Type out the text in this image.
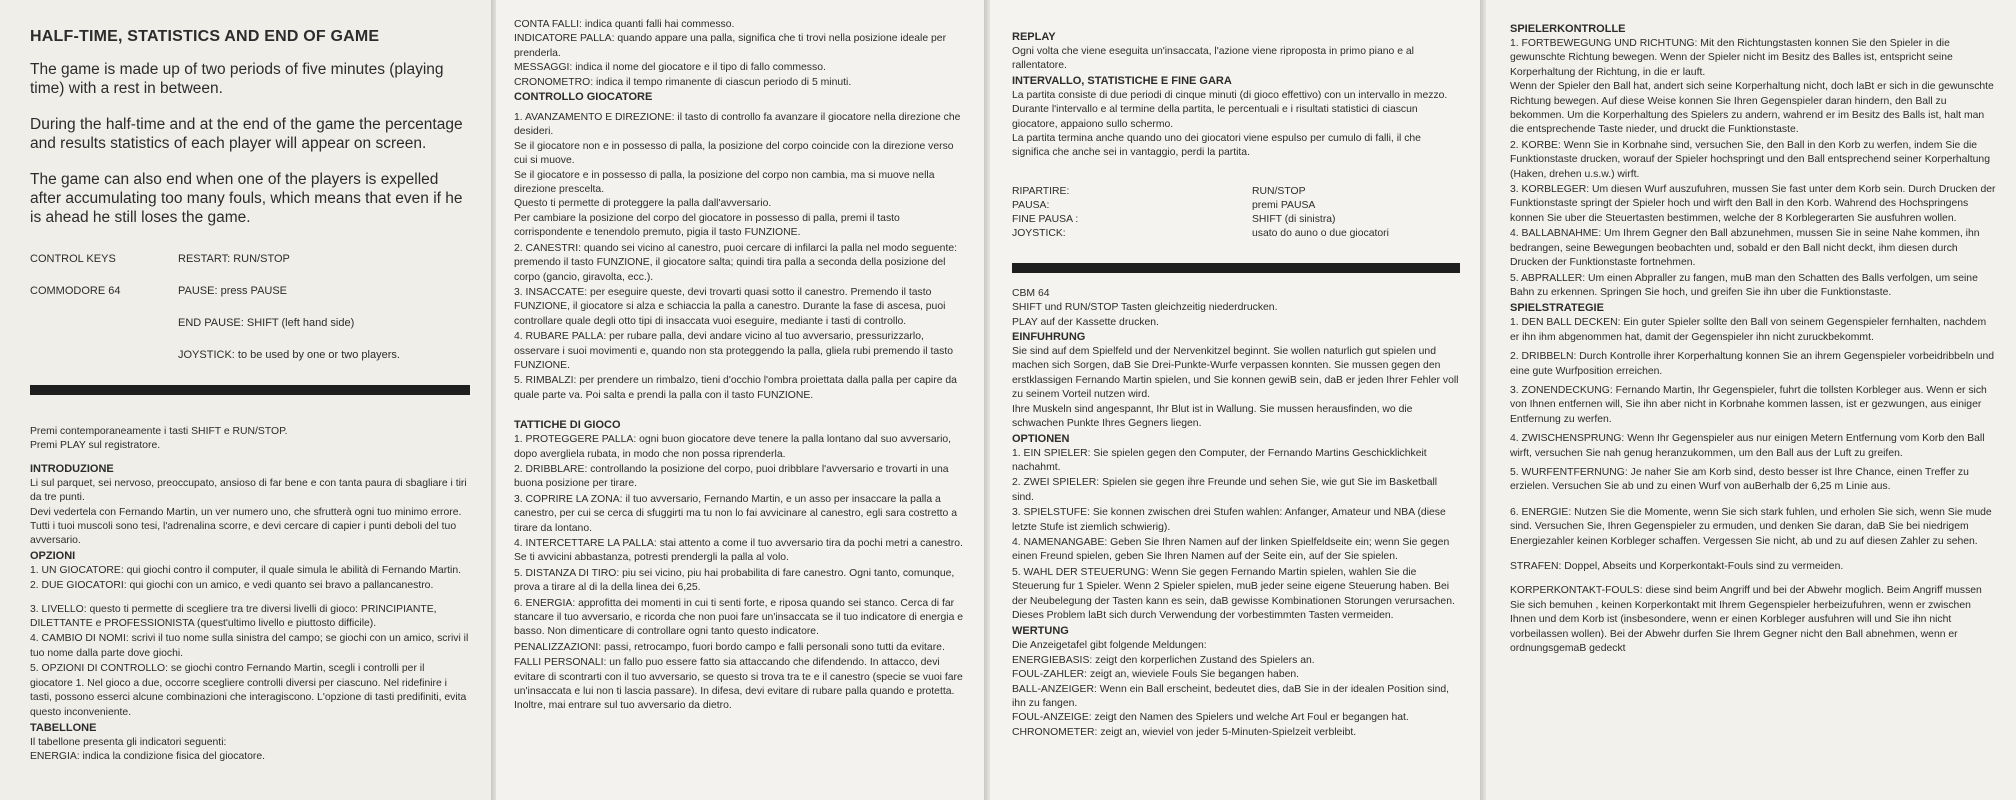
HALF-TIME, STATISTICS AND END OF GAME

The game is made up of two periods of five minutes (playing time) with a rest in between.

During the half-time and at the end of the game the percentage and results statistics of each player will appear on screen.

The game can also end when one of the players is expelled after accumulating too many fouls, which means that even if he is ahead he still loses the game.

CONTROL KEYS	RESTART: RUN/STOP
COMMODORE 64	PAUSE: press PAUSE
END PAUSE: SHIFT (left hand side)
JOYSTICK: to be used by one or two players.

Premi contemporaneamente i tasti SHIFT e RUN/STOP.

Premi PLAY sul registratore.

INTRODUZIONE

Li sul parquet, sei nervoso, preoccupato, ansioso di far bene e con tanta paura di sbagliare i tiri da tre punti.

Devi vedertela con Fernando Martin, un ver numero uno, che sfrutterà ogni tuo minimo errore.

Tutti i tuoi muscoli sono tesi, l'adrenalina scorre, e devi cercare di capier i punti deboli del tuo avversario.

OPZIONI

1. UN GIOCATORE: qui giochi contro il computer, il quale simula le abilità di Fernando Martin.

2. DUE GIOCATORI: qui giochi con un amico, e vedi quanto sei bravo a pallancanestro.

3. LIVELLO: questo ti permette di scegliere tra tre diversi livelli di gioco: PRINCIPIANTE, DILETTANTE e PROFESSIONISTA (quest'ultimo livello e piuttosto difficile).

4. CAMBIO DI NOMI: scrivi il tuo nome sulla sinistra del campo; se giochi con un amico, scrivi il tuo nome dalla parte dove giochi.

5. OPZIONI DI CONTROLLO: se giochi contro Fernando Martin, scegli i controlli per il giocatore 1. Nel gioco a due, occorre scegliere controlli diversi per ciascuno. Nel ridefinire i tasti, possono esserci alcune combinazioni che interagiscono. L'opzione di tasti predifiniti, evita questo inconveniente.

TABELLONE

Il tabellone presenta gli indicatori seguenti:

ENERGIA: indica la condizione fisica del giocatore.

CONTA FALLI: indica quanti falli hai commesso.

INDICATORE PALLA: quando appare una palla, significa che ti trovi nella posizione ideale per prenderla.

MESSAGGI: indica il nome del giocatore e il tipo di fallo commesso.

CRONOMETRO: indica il tempo rimanente di ciascun periodo di 5 minuti.

CONTROLLO GIOCATORE

1. AVANZAMENTO E DIREZIONE: il tasto di controllo fa avanzare il giocatore nella direzione che desideri.

Se il giocatore non e in possesso di palla, la posizione del corpo coincide con la direzione verso cui si muove.

Se il giocatore e in possesso di palla, la posizione del corpo non cambia, ma si muove nella direzione prescelta.

Questo ti permette di proteggere la palla dall'avversario.

Per cambiare la posizione del corpo del giocatore in possesso di palla, premi il tasto corrispondente e tenendolo premuto, pigia il tasto FUNZIONE.

2. CANESTRI: quando sei vicino al canestro, puoi cercare di infilarci la palla nel modo seguente: premendo il tasto FUNZIONE, il giocatore salta; quindi tira palla a seconda della posizione del corpo (gancio, giravolta, ecc.).

3. INSACCATE: per eseguire queste, devi trovarti quasi sotto il canestro. Premendo il tasto FUNZIONE, il giocatore si alza e schiaccia la palla a canestro. Durante la fase di ascesa, puoi controllare quale degli otto tipi di insaccata vuoi eseguire, mediante i tasti di controllo.

4. RUBARE PALLA: per rubare palla, devi andare vicino al tuo avversario, pressurizzarlo, osservare i suoi movimenti e, quando non sta proteggendo la palla, gliela rubi premendo il tasto FUNZIONE.

5. RIMBALZI: per prendere un rimbalzo, tieni d'occhio l'ombra proiettata dalla palla per capire da quale parte va. Poi salta e prendi la palla con il tasto FUNZIONE.

TATTICHE DI GIOCO

1. PROTEGGERE PALLA: ogni buon giocatore deve tenere la palla lontano dal suo avversario, dopo avergliela rubata, in modo che non possa riprenderla.

2. DRIBBLARE: controllando la posizione del corpo, puoi dribblare l'avversario e trovarti in una buona posizione per tirare.

3. COPRIRE LA ZONA: il tuo avversario, Fernando Martin, e un asso per insaccare la palla a canestro, per cui se cerca di sfuggirti ma tu non lo fai avvicinare al canestro, egli sara costretto a tirare da lontano.

4. INTERCETTARE LA PALLA: stai attento a come il tuo avversario tira da pochi metri a canestro. Se ti avvicini abbastanza, potresti prendergli la palla al volo.

5. DISTANZA DI TIRO: piu sei vicino, piu hai probabilita di fare canestro. Ogni tanto, comunque, prova a tirare al di la della linea dei 6,25.

6. ENERGIA: approfitta dei momenti in cui ti senti forte, e riposa quando sei stanco. Cerca di far stancare il tuo avversario, e ricorda che non puoi fare un'insaccata se il tuo indicatore di energia e basso. Non dimenticare di controllare ogni tanto questo indicatore.

PENALIZZAZIONI: passi, retrocampo, fuori bordo campo e falli personali sono tutti da evitare.

FALLI PERSONALI: un fallo puo essere fatto sia attaccando che difendendo. In attacco, devi evitare di scontrarti con il tuo avversario, se questo si trova tra te e il canestro (specie se vuoi fare un'insaccata e lui non ti lascia passare). In difesa, devi evitare di rubare palla quando e protetta. Inoltre, mai entrare sul tuo avversario da dietro.

REPLAY

Ogni volta che viene eseguita un'insaccata, l'azione viene riproposta in primo piano e al rallentatore.

INTERVALLO, STATISTICHE E FINE GARA

La partita consiste di due periodi di cinque minuti (di gioco effettivo) con un intervallo in mezzo.

Durante l'intervallo e al termine della partita, le percentuali e i risultati statistici di ciascun giocatore, appaiono sullo schermo.

La partita termina anche quando uno dei giocatori viene espulso per cumulo di falli, il che significa che anche sei in vantaggio, perdi la partita.

RIPARTIRE:	RUN/STOP
PAUSA:	premi PAUSA
FINE PAUSA :	SHIFT (di sinistra)
JOYSTICK:	usato do auno o due giocatori

CBM 64

SHIFT und RUN/STOP Tasten gleichzeitig niederdrucken.

PLAY auf der Kassette drucken.

EINFUHRUNG

Sie sind auf dem Spielfeld und der Nervenkitzel beginnt. Sie wollen naturlich gut spielen und machen sich Sorgen, daB Sie Drei-Punkte-Wurfe verpassen konnten. Sie mussen gegen den erstklassigen Fernando Martin spielen, und Sie konnen gewiB sein, daB er jeden Ihrer Fehler voll zu seinem Vorteil nutzen wird.

Ihre Muskeln sind angespannt, Ihr Blut ist in Wallung. Sie mussen herausfinden, wo die schwachen Punkte Ihres Gegners liegen.

OPTIONEN

1. EIN SPIELER: Sie spielen gegen den Computer, der Fernando Martins Geschicklichkeit nachahmt.

2. ZWEI SPIELER: Spielen sie gegen ihre Freunde und sehen Sie, wie gut Sie im Basketball sind.

3. SPIELSTUFE: Sie konnen zwischen drei Stufen wahlen: Anfanger, Amateur und NBA (diese letzte Stufe ist ziemlich schwierig).

4. NAMENANGABE: Geben Sie Ihren Namen auf der linken Spielfeldseite ein; wenn Sie gegen einen Freund spielen, geben Sie Ihren Namen auf der Seite ein, auf der Sie spielen.

5. WAHL DER STEUERUNG: Wenn Sie gegen Fernando Martin spielen, wahlen Sie die Steuerung fur 1 Spieler. Wenn 2 Spieler spielen, muB jeder seine eigene Steuerung haben. Bei der Neubelegung der Tasten kann es sein, daB gewisse Kombinationen Storungen verursachen. Dieses Problem laBt sich durch Verwendung der vorbestimmten Tasten vermeiden.

WERTUNG

Die Anzeigetafel gibt folgende Meldungen:

ENERGIEBASIS: zeigt den korperlichen Zustand des Spielers an.

FOUL-ZAHLER: zeigt an, wieviele Fouls Sie begangen haben.

BALL-ANZEIGER: Wenn ein Ball erscheint, bedeutet dies, daB Sie in der idealen Position sind, ihn zu fangen.

FOUL-ANZEIGE: zeigt den Namen des Spielers und welche Art Foul er begangen hat.

CHRONOMETER: zeigt an, wieviel von jeder 5-Minuten-Spielzeit verbleibt.

SPIELERKONTROLLE

1. FORTBEWEGUNG UND RICHTUNG: Mit den Richtungstasten konnen Sie den Spieler in die gewunschte Richtung bewegen. Wenn der Spieler nicht im Besitz des Balles ist, entspricht seine Korperhaltung der Richtung, in die er lauft.

Wenn der Spieler den Ball hat, andert sich seine Korperhaltung nicht, doch laBt er sich in die gewunschte Richtung bewegen. Auf diese Weise konnen Sie Ihren Gegenspieler daran hindern, den Ball zu bekommen. Um die Korperhaltung des Spielers zu andern, wahrend er im Besitz des Balls ist, halt man die entsprechende Taste nieder, und druckt die Funktionstaste.

2. KORBE: Wenn Sie in Korbnahe sind, versuchen Sie, den Ball in den Korb zu werfen, indem Sie die Funktionstaste drucken, worauf der Spieler hochspringt und den Ball entsprechend seiner Korperhaltung (Haken, drehen u.s.w.) wirft.

3. KORBLEGER: Um diesen Wurf auszufuhren, mussen Sie fast unter dem Korb sein. Durch Drucken der Funktionstaste springt der Spieler hoch und wirft den Ball in den Korb. Wahrend des Hochspringens konnen Sie uber die Steuertasten bestimmen, welche der 8 Korblegerarten Sie ausfuhren wollen.

4. BALLABNAHME: Um Ihrem Gegner den Ball abzunehmen, mussen Sie in seine Nahe kommen, ihn bedrangen, seine Bewegungen beobachten und, sobald er den Ball nicht deckt, ihm diesen durch Drucken der Funktionstaste fortnehmen.

5. ABPRALLER: Um einen Abpraller zu fangen, muB man den Schatten des Balls verfolgen, um seine Bahn zu erkennen. Springen Sie hoch, und greifen Sie ihn uber die Funktionstaste.

SPIELSTRATEGIE

1. DEN BALL DECKEN: Ein guter Spieler sollte den Ball von seinem Gegenspieler fernhalten, nachdem er ihn ihm abgenommen hat, damit der Gegenspieler ihn nicht zuruckbekommt.

2. DRIBBELN: Durch Kontrolle ihrer Korperhaltung konnen Sie an ihrem Gegenspieler vorbeidribbeln und eine gute Wurfposition erreichen.

3. ZONENDECKUNG: Fernando Martin, Ihr Gegenspieler, fuhrt die tollsten Korbleger aus. Wenn er sich von Ihnen entfernen will, Sie ihn aber nicht in Korbnahe kommen lassen, ist er gezwungen, aus einiger Entfernung zu werfen.

4. ZWISCHENSPRUNG: Wenn Ihr Gegenspieler aus nur einigen Metern Entfernung vom Korb den Ball wirft, versuchen Sie nah genug heranzukommen, um den Ball aus der Luft zu greifen.

5. WURFENTFERNUNG: Je naher Sie am Korb sind, desto besser ist Ihre Chance, einen Treffer zu erzielen. Versuchen Sie ab und zu einen Wurf von auBerhalb der 6,25 m Linie aus.

6. ENERGIE: Nutzen Sie die Momente, wenn Sie sich stark fuhlen, und erholen Sie sich, wenn Sie mude sind. Versuchen Sie, Ihren Gegenspieler zu ermuden, und denken Sie daran, daB Sie bei niedrigem Energiezahler keinen Korbleger schaffen. Vergessen Sie nicht, ab und zu auf diesen Zahler zu sehen.

STRAFEN: Doppel, Abseits und Korperkontakt-Fouls sind zu vermeiden.

KORPERKONTAKT-FOULS: diese sind beim Angriff und bei der Abwehr moglich. Beim Angriff mussen Sie sich bemuhen , keinen Korperkontakt mit Ihrem Gegenspieler herbeizufuhren, wenn er zwischen Ihnen und dem Korb ist (insbesondere, wenn er einen Korbleger ausfuhren will und Sie ihn nicht vorbeilassen wollen). Bei der Abwehr durfen Sie Ihrem Gegner nicht den Ball abnehmen, wenn er ordnungsgemaB gedeckt
